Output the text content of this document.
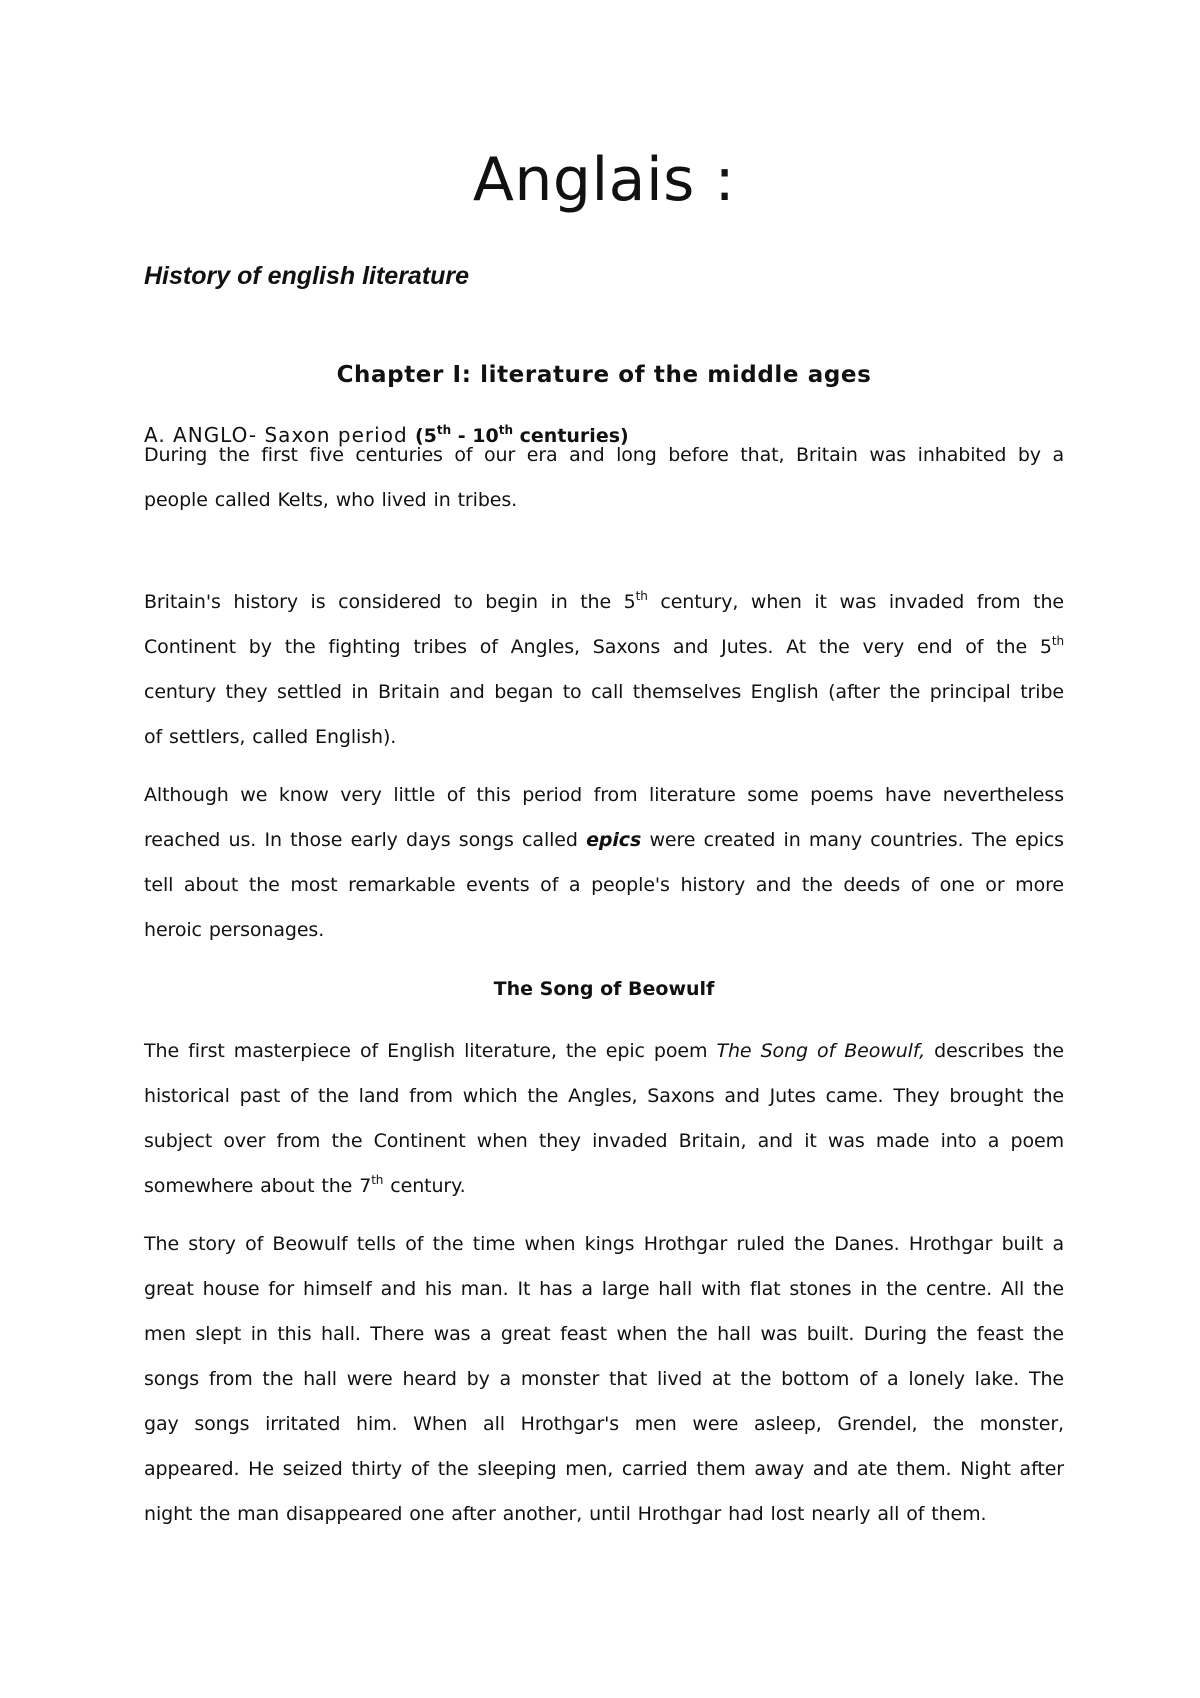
Anglais :
History of english literature
Chapter I: literature of the middle ages
A. ANGLO- Saxon period (5th - 10th centuries)
During the first five centuries of our era and long before that, Britain was inhabited by a
people called Kelts, who lived in tribes.
Britain's history is considered to begin in the 5th century, when it was invaded from the
Continent by the fighting tribes of Angles, Saxons and Jutes. At the very end of the 5th
century they settled in Britain and began to call themselves English (after the principal tribe
of settlers, called English).
Although we know very little of this period from literature some poems have nevertheless
reached us. In those early days songs called epics were created in many countries. The epics
tell about the most remarkable events of a people's history and the deeds of one or more
heroic personages.
The Song of Beowulf
The first masterpiece of English literature, the epic poem The Song of Beowulf, describes the
historical past of the land from which the Angles, Saxons and Jutes came. They brought the
subject over from the Continent when they invaded Britain, and it was made into a poem
somewhere about the 7th century.
The story of Beowulf tells of the time when kings Hrothgar ruled the Danes. Hrothgar built a
great house for himself and his man. It has a large hall with flat stones in the centre. All the
men slept in this hall. There was a great feast when the hall was built. During the feast the
songs from the hall were heard by a monster that lived at the bottom of a lonely lake. The
gay songs irritated him. When all Hrothgar's men were asleep, Grendel, the monster,
appeared. He seized thirty of the sleeping men, carried them away and ate them. Night after
night the man disappeared one after another, until Hrothgar had lost nearly all of them.
